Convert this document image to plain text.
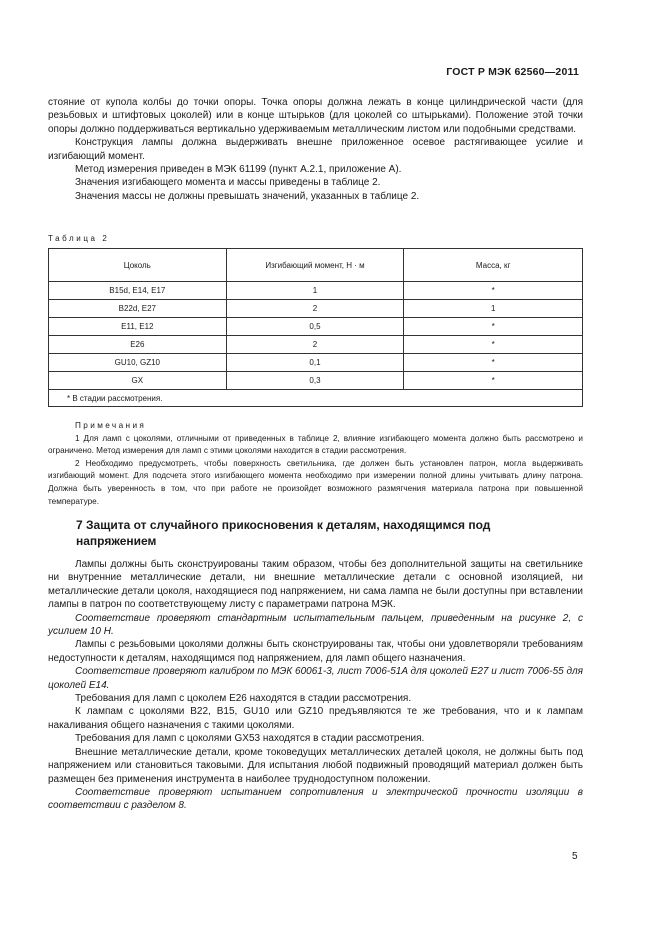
ГОСТ Р МЭК 62560—2011

стояние от купола колбы до точки опоры. Точка опоры должна лежать в конце цилиндрической части (для резьбовых и штифтовых цоколей) или в конце штырьков (для цоколей со штырьками). Положение этой точки опоры должно поддерживаться вертикально удерживаемым металлическим листом или подобными средствами.

Конструкция лампы должна выдерживать внешне приложенное осевое растягивающее усилие и изгибающий момент.

Метод измерения приведен в МЭК 61199 (пункт A.2.1, приложение A).

Значения изгибающего момента и массы приведены в таблице 2.

Значения массы не должны превышать значений, указанных в таблице 2.

Таблица 2
Цоколь	Изгибающий момент, Н · м	Масса, кг
B15d, E14, E17	1	*
B22d, E27	2	1
E11, E12	0,5	*
E26	2	*
GU10, GZ10	0,1	*
GX	0,3	*
* В стадии рассмотрения.		

Примечания

1 Для ламп с цоколями, отличными от приведенных в таблице 2, влияние изгибающего момента должно быть рассмотрено и ограничено. Метод измерения для ламп с этими цоколями находится в стадии рассмотрения.

2 Необходимо предусмотреть, чтобы поверхность светильника, где должен быть установлен патрон, могла выдерживать изгибающий момент. Для подсчета этого изгибающего момента необходимо при измерении полной длины учитывать длину патрона. Должна быть уверенность в том, что при работе не произойдет возможного размягчения материала патрона при повышенной температуре.

7 Защита от случайного прикосновения к деталям, находящимся под напряжением

Лампы должны быть сконструированы таким образом, чтобы без дополнительной защиты на светильнике ни внутренние металлические детали, ни внешние металлические детали с основной изоляцией, ни металлические детали цоколя, находящиеся под напряжением, ни сама лампа не были доступны при вставлении лампы в патрон по соответствующему листу с параметрами патрона МЭК.

Соответствие проверяют стандартным испытательным пальцем, приведенным на рисунке 2, с усилием 10 Н.

Лампы с резьбовыми цоколями должны быть сконструированы так, чтобы они удовлетворяли требованиям недоступности к деталям, находящимся под напряжением, для ламп общего назначения.

Соответствие проверяют калибром по МЭК 60061-3, лист 7006-51A для цоколей E27 и лист 7006-55 для цоколей E14.

Требования для ламп с цоколем E26 находятся в стадии рассмотрения.

К лампам с цоколями B22, B15, GU10 или GZ10 предъявляются те же требования, что и к лампам накаливания общего назначения с такими цоколями.

Требования для ламп с цоколями GX53 находятся в стадии рассмотрения.

Внешние металлические детали, кроме токоведущих металлических деталей цоколя, не должны быть под напряжением или становиться таковыми. Для испытания любой подвижный проводящий материал должен быть размещен без применения инструмента в наиболее труднодоступном положении.

Соответствие проверяют испытанием сопротивления и электрической прочности изоляции в соответствии с разделом 8.

5
